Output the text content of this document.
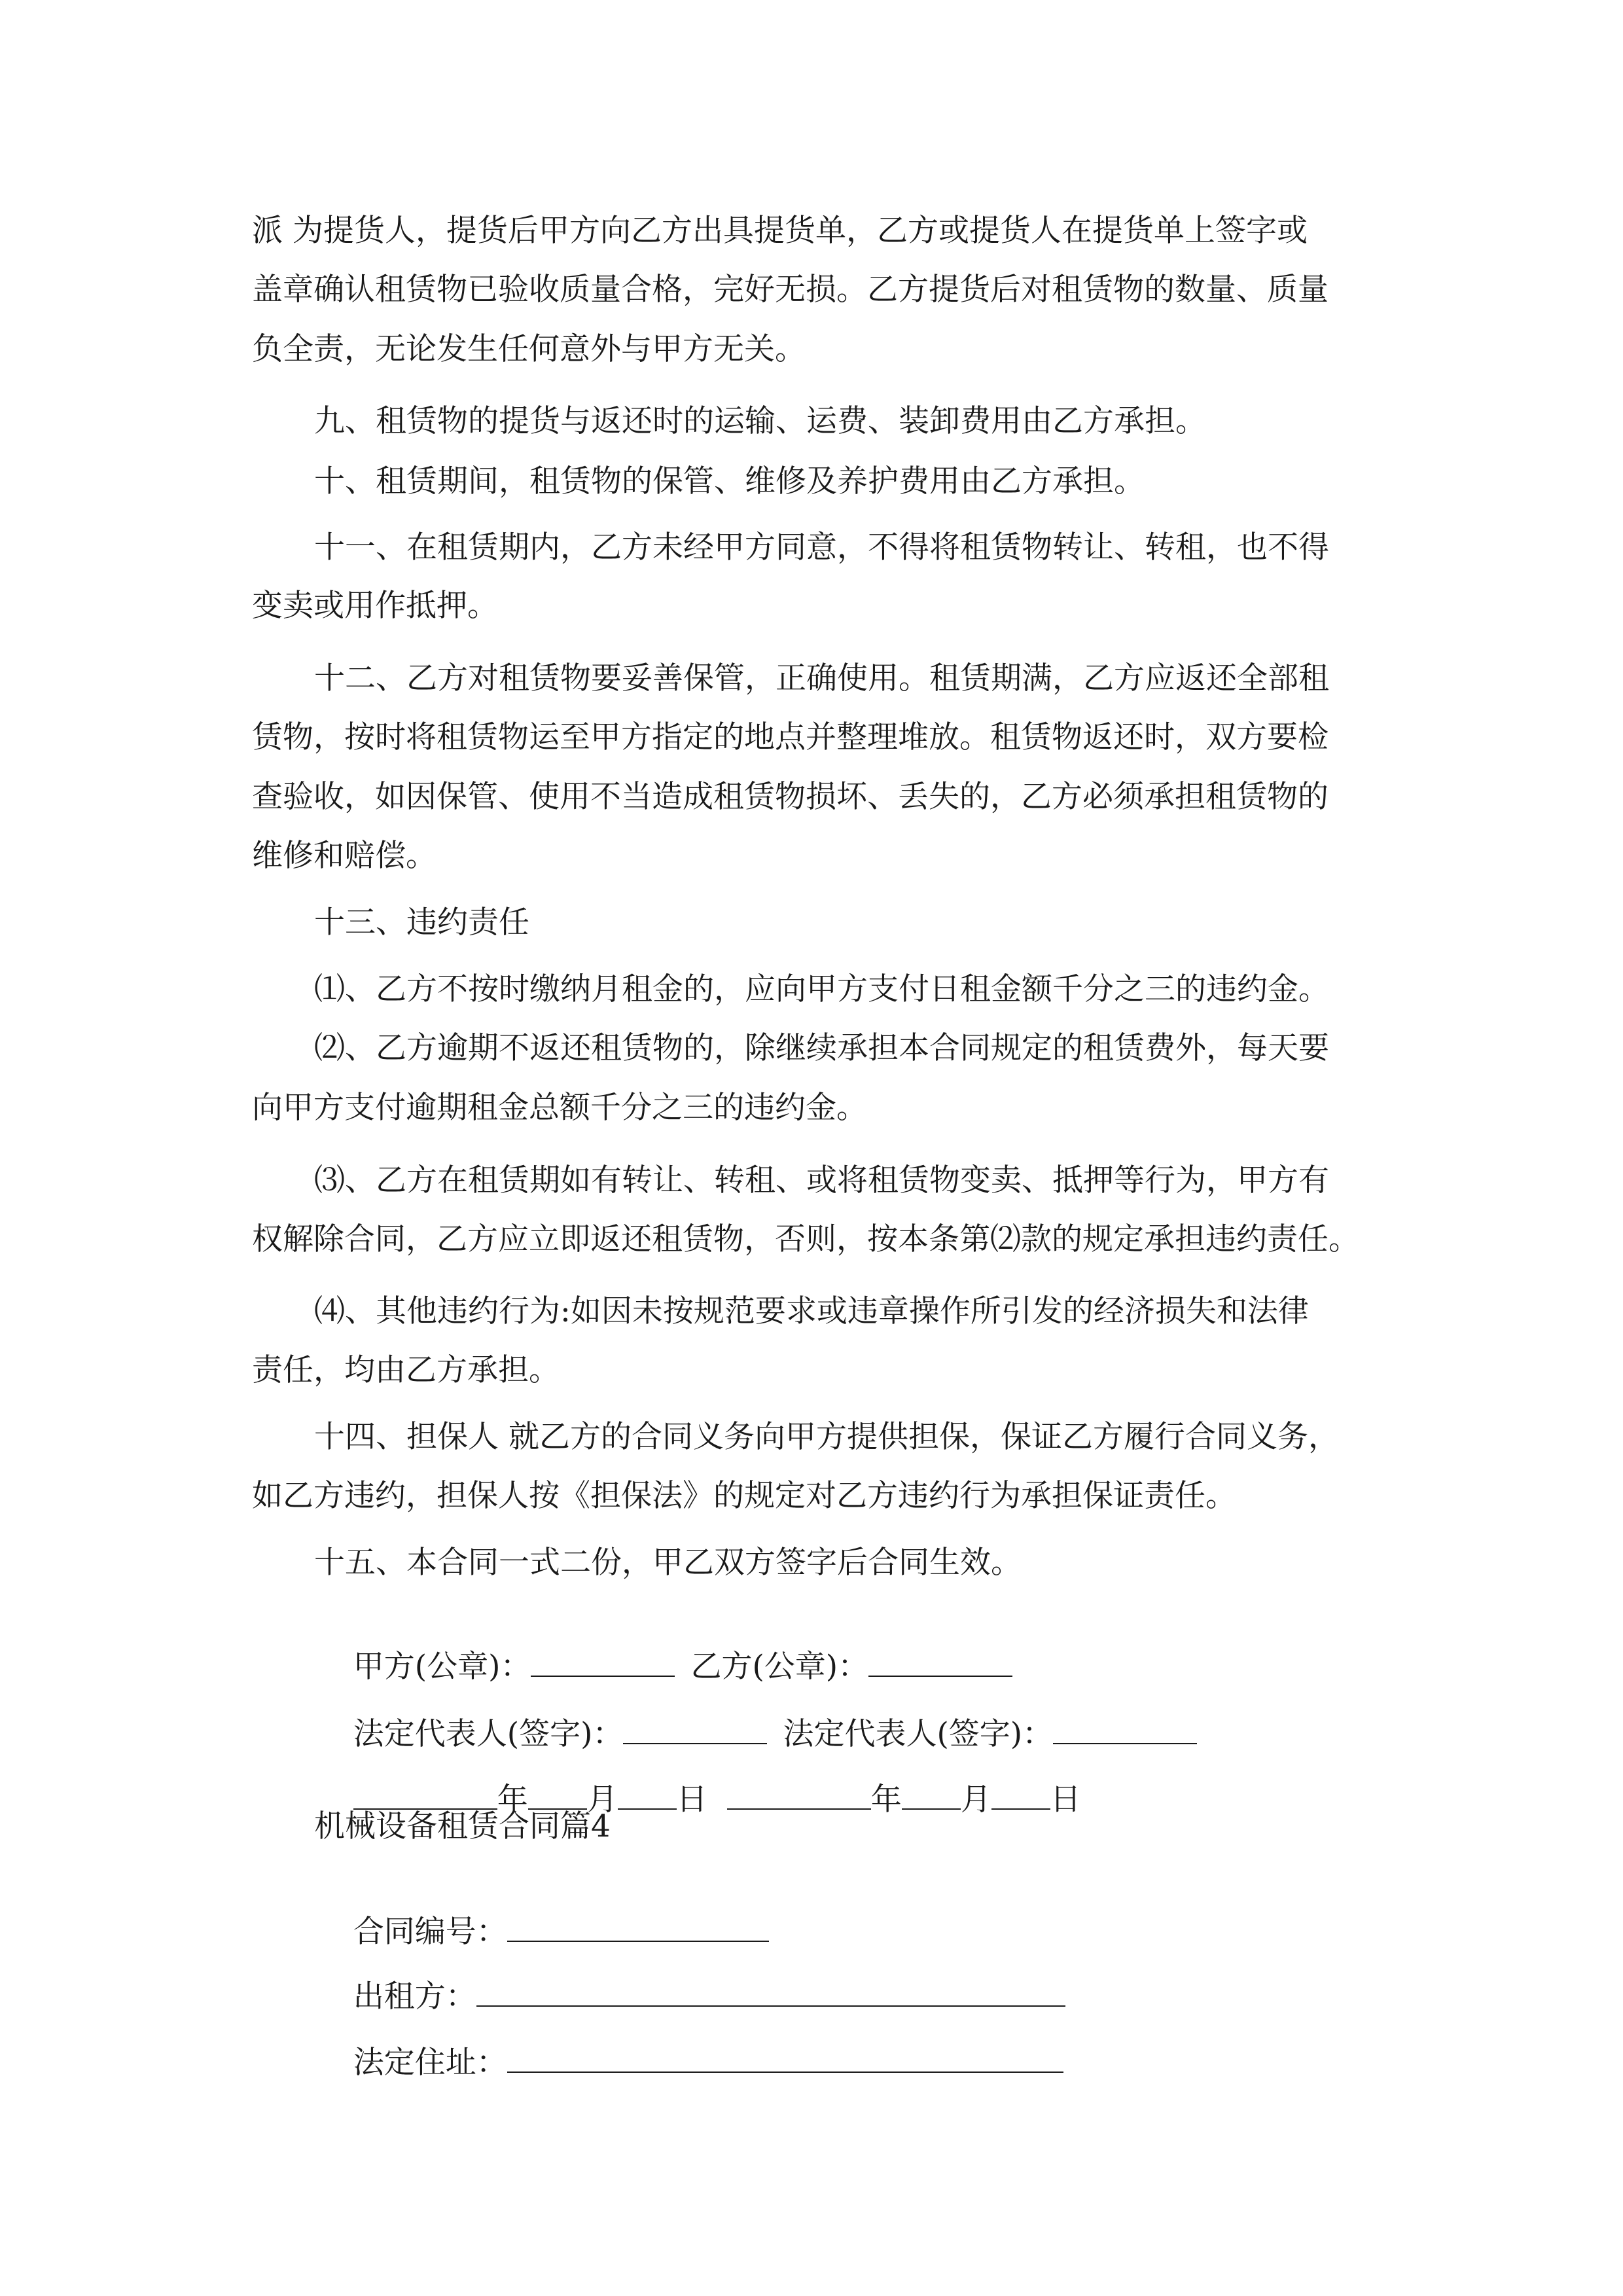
派 为提货人，提货后甲方向乙方出具提货单，乙方或提货人在提货单上签字或
盖章确认租赁物已验收质量合格，完好无损。乙方提货后对租赁物的数量、质量
负全责，无论发生任何意外与甲方无关。
九、租赁物的提货与返还时的运输、运费、装卸费用由乙方承担。
十、租赁期间，租赁物的保管、维修及养护费用由乙方承担。
十一、在租赁期内，乙方未经甲方同意，不得将租赁物转让、转租，也不得
变卖或用作抵押。
十二、乙方对租赁物要妥善保管，正确使用。租赁期满，乙方应返还全部租
赁物，按时将租赁物运至甲方指定的地点并整理堆放。租赁物返还时，双方要检
查验收，如因保管、使用不当造成租赁物损坏、丢失的，乙方必须承担租赁物的
维修和赔偿。
十三、违约责任
⑴、乙方不按时缴纳月租金的，应向甲方支付日租金额千分之三的违约金。
⑵、乙方逾期不返还租赁物的，除继续承担本合同规定的租赁费外，每天要
向甲方支付逾期租金总额千分之三的违约金。
⑶、乙方在租赁期如有转让、转租、或将租赁物变卖、抵押等行为，甲方有
权解除合同，乙方应立即返还租赁物，否则，按本条第⑵款的规定承担违约责任。
⑷、其他违约行为:如因未按规范要求或违章操作所引发的经济损失和法律
责任，均由乙方承担。
十四、担保人 就乙方的合同义务向甲方提供担保，保证乙方履行合同义务，
如乙方违约，担保人按《担保法》的规定对乙方违约行为承担保证责任。
十五、本合同一式二份，甲乙双方签字后合同生效。

甲方(公章)：	乙方(公章)：

法定代表人(签字)：	法定代表人(签字)：

年 月 日	年 月 日

机械设备租赁合同篇4

合同编号：

出租方：

法定住址：
